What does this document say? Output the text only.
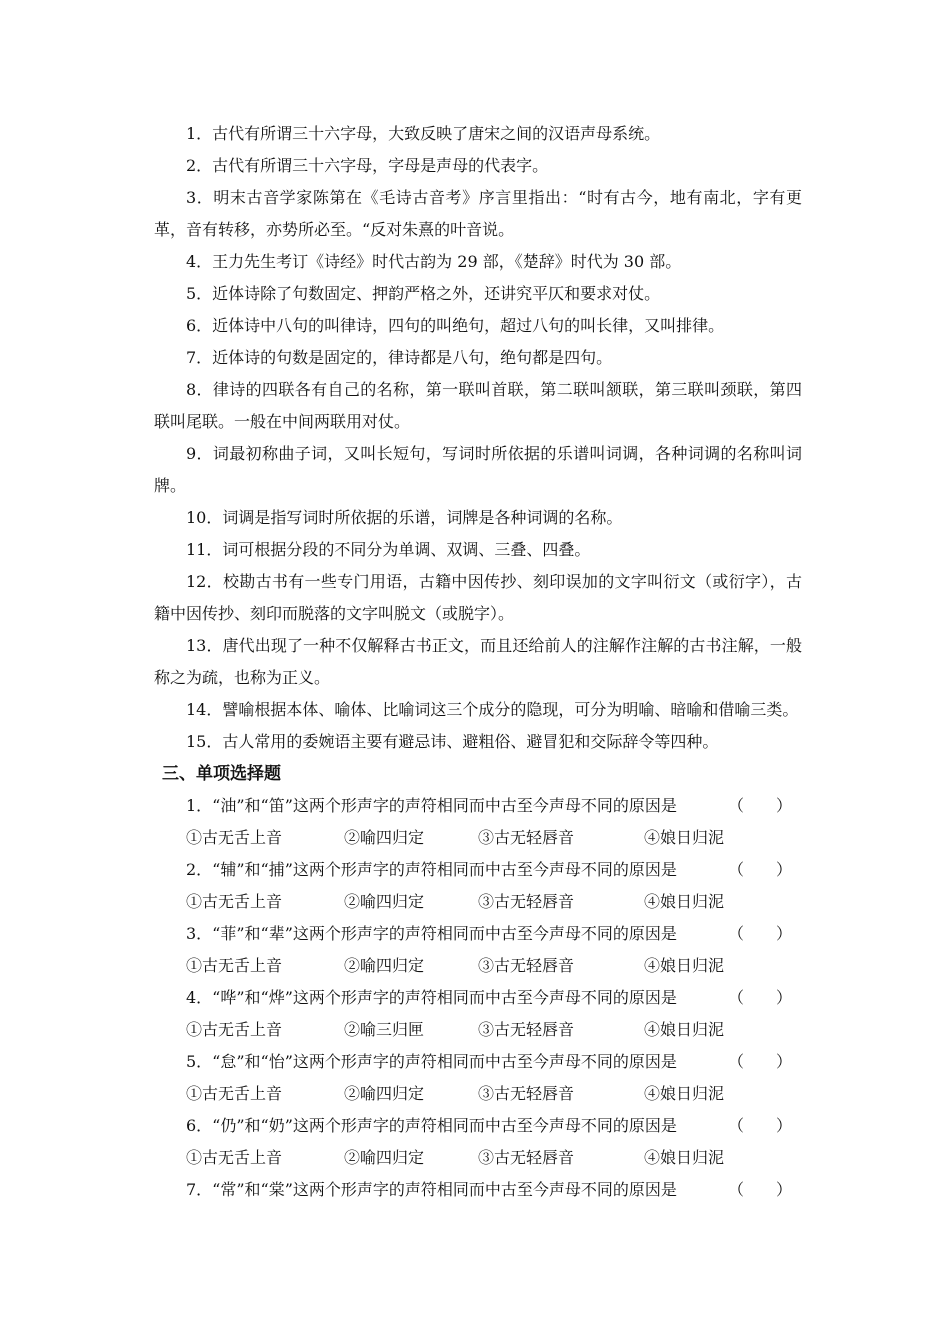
1．古代有所谓三十六字母，大致反映了唐宋之间的汉语声母系统。

2．古代有所谓三十六字母，字母是声母的代表字。

3．明末古音学家陈第在《毛诗古音考》序言里指出：“时有古今，地有南北，字有更革，音有转移，亦势所必至。“反对朱熹的叶音说。

4．王力先生考订《诗经》时代古韵为 29 部，《楚辞》时代为 30 部。

5．近体诗除了句数固定、押韵严格之外，还讲究平仄和要求对仗。

6．近体诗中八句的叫律诗，四句的叫绝句，超过八句的叫长律，又叫排律。

7．近体诗的句数是固定的，律诗都是八句，绝句都是四句。

8．律诗的四联各有自己的名称，第一联叫首联，第二联叫颔联，第三联叫颈联，第四联叫尾联。一般在中间两联用对仗。

9．词最初称曲子词，又叫长短句，写词时所依据的乐谱叫词调，各种词调的名称叫词牌。

10．词调是指写词时所依据的乐谱，词牌是各种词调的名称。

11．词可根据分段的不同分为单调、双调、三叠、四叠。

12．校勘古书有一些专门用语，古籍中因传抄、刻印误加的文字叫衍文（或衍字），古籍中因传抄、刻印而脱落的文字叫脱文（或脱字）。

13．唐代出现了一种不仅解释古书正文，而且还给前人的注解作注解的古书注解，一般称之为疏，也称为正义。

14．譬喻根据本体、喻体、比喻词这三个成分的隐现，可分为明喻、暗喻和借喻三类。

15．古人常用的委婉语主要有避忌讳、避粗俗、避冒犯和交际辞令等四种。

三、单项选择题
1．“油”和“笛”这两个形声字的声符相同而中古至今声母不同的原因是	（　　）
①古无舌上音	②喻四归定	③古无轻唇音	④娘日归泥
2．“辅”和“捕”这两个形声字的声符相同而中古至今声母不同的原因是	（　　）
①古无舌上音	②喻四归定	③古无轻唇音	④娘日归泥
3．“菲”和“辈”这两个形声字的声符相同而中古至今声母不同的原因是	（　　）
①古无舌上音	②喻四归定	③古无轻唇音	④娘日归泥
4．“哗”和“烨”这两个形声字的声符相同而中古至今声母不同的原因是	（　　）
①古无舌上音	②喻三归匣	③古无轻唇音	④娘日归泥
5．“怠”和“怡”这两个形声字的声符相同而中古至今声母不同的原因是	（　　）
①古无舌上音	②喻四归定	③古无轻唇音	④娘日归泥
6．“仍”和“奶”这两个形声字的声符相同而中古至今声母不同的原因是	（　　）
①古无舌上音	②喻四归定	③古无轻唇音	④娘日归泥
7．“常”和“棠”这两个形声字的声符相同而中古至今声母不同的原因是	（　　）
